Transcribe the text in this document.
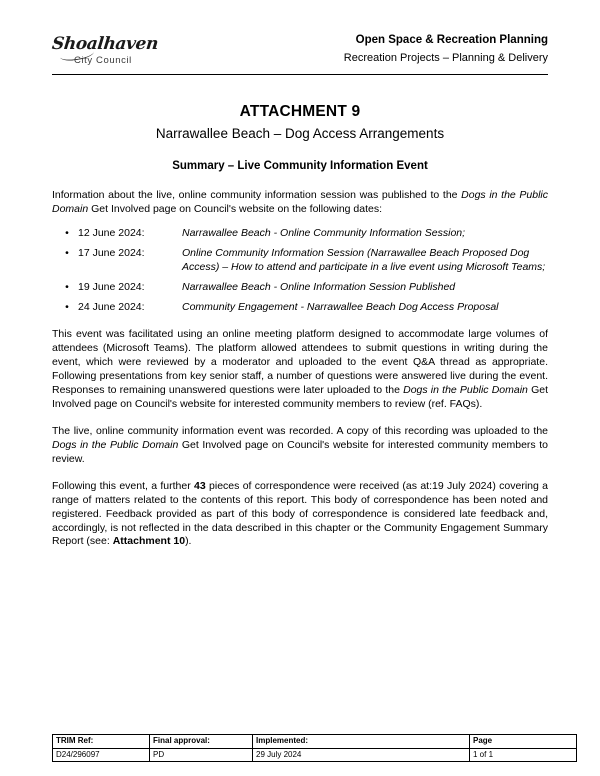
Shoalhaven
City Council
Open Space & Recreation Planning
Recreation Projects – Planning & Delivery
ATTACHMENT 9
Narrawallee Beach – Dog Access Arrangements
Summary – Live Community Information Event

Information about the live, online community information session was published to the Dogs in the Public Domain Get Involved page on Council's website on the following dates:

• 12 June 2024:	Narrawallee Beach - Online Community Information Session;
• 17 June 2024:	Online Community Information Session (Narrawallee Beach Proposed Dog Access) – How to attend and participate in a live event using Microsoft Teams;
• 19 June 2024:	Narrawallee Beach - Online Information Session Published
• 24 June 2024:	Community Engagement - Narrawallee Beach Dog Access Proposal

This event was facilitated using an online meeting platform designed to accommodate large volumes of attendees (Microsoft Teams). The platform allowed attendees to submit questions in writing during the event, which were reviewed by a moderator and uploaded to the event Q&A thread as appropriate. Following presentations from key senior staff, a number of questions were answered live during the event. Responses to remaining unanswered questions were later uploaded to the Dogs in the Public Domain Get Involved page on Council's website for interested community members to review (ref. FAQs).

The live, online community information event was recorded. A copy of this recording was uploaded to the Dogs in the Public Domain Get Involved page on Council's website for interested community members to review.

Following this event, a further 43 pieces of correspondence were received (as at:19 July 2024) covering a range of matters related to the contents of this report. This body of correspondence has been noted and registered. Feedback provided as part of this body of correspondence is considered late feedback and, accordingly, is not reflected in the data described in this chapter or the Community Engagement Summary Report (see: Attachment 10).

TRIM Ref:	Final approval:	Implemented:	Page
D24/296097	PD	29 July 2024	1 of 1
